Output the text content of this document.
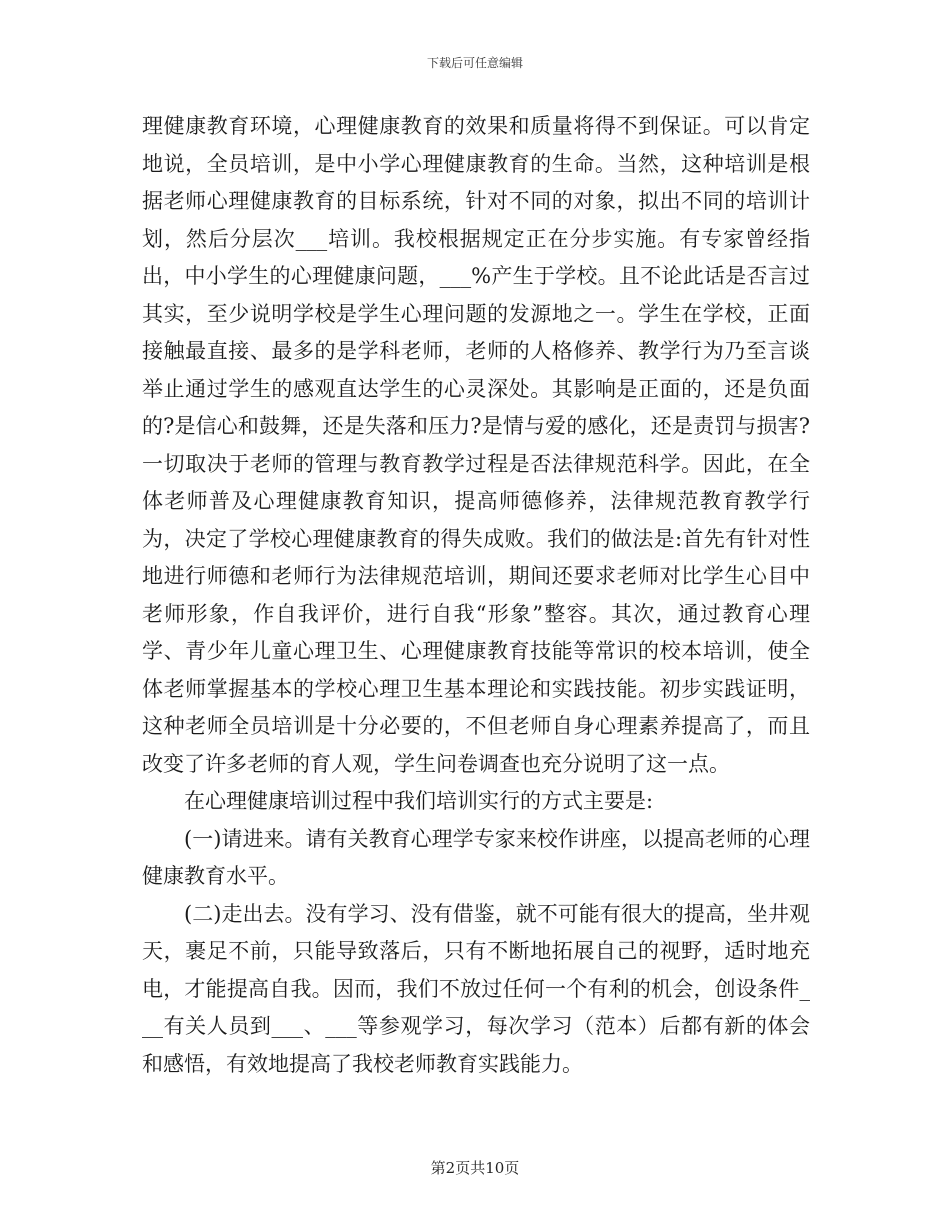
下载后可任意编辑

理健康教育环境，心理健康教育的效果和质量将得不到保证。可以肯定地说，全员培训，是中小学心理健康教育的生命。当然，这种培训是根据老师心理健康教育的目标系统，针对不同的对象，拟出不同的培训计划，然后分层次___培训。我校根据规定正在分步实施。有专家曾经指出，中小学生的心理健康问题，___%产生于学校。且不论此话是否言过其实，至少说明学校是学生心理问题的发源地之一。学生在学校，正面接触最直接、最多的是学科老师，老师的人格修养、教学行为乃至言谈举止通过学生的感观直达学生的心灵深处。其影响是正面的，还是负面的?是信心和鼓舞，还是失落和压力?是情与爱的感化，还是责罚与损害?一切取决于老师的管理与教育教学过程是否法律规范科学。因此，在全体老师普及心理健康教育知识，提高师德修养，法律规范教育教学行为，决定了学校心理健康教育的得失成败。我们的做法是:首先有针对性地进行师德和老师行为法律规范培训，期间还要求老师对比学生心目中老师形象，作自我评价，进行自我“形象”整容。其次，通过教育心理学、青少年儿童心理卫生、心理健康教育技能等常识的校本培训，使全体老师掌握基本的学校心理卫生基本理论和实践技能。初步实践证明，这种老师全员培训是十分必要的，不但老师自身心理素养提高了，而且改变了许多老师的育人观，学生问卷调查也充分说明了这一点。

在心理健康培训过程中我们培训实行的方式主要是:

(一)请进来。请有关教育心理学专家来校作讲座，以提高老师的心理健康教育水平。

(二)走出去。没有学习、没有借鉴，就不可能有很大的提高，坐井观天，裹足不前，只能导致落后，只有不断地拓展自己的视野，适时地充电，才能提高自我。因而，我们不放过任何一个有利的机会，创设条件___有关人员到___、___等参观学习，每次学习（范本）后都有新的体会和感悟，有效地提高了我校老师教育实践能力。

第2页共10页
